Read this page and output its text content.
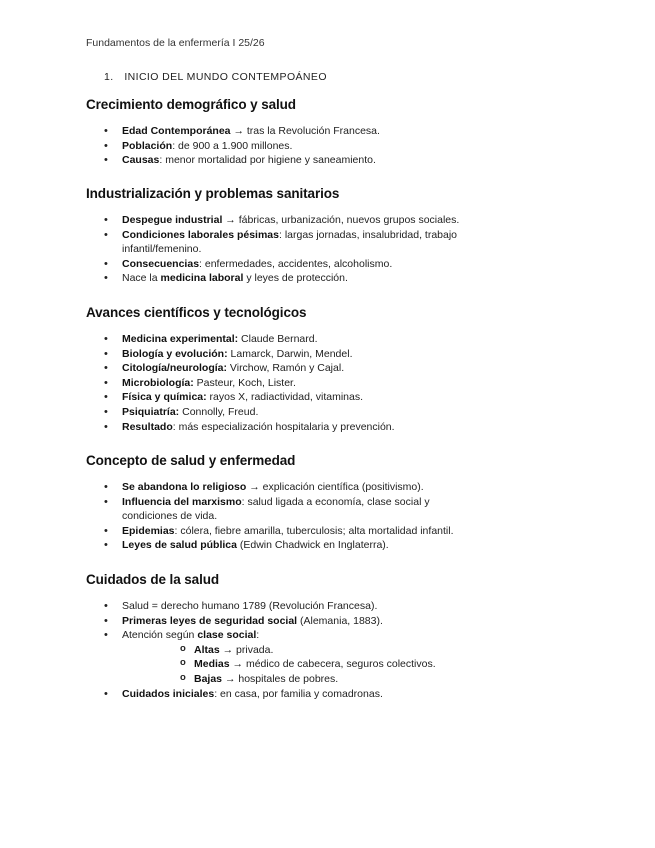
Fundamentos de la enfermería I 25/26
1. INICIO DEL MUNDO CONTEMPOÁNEO
Crecimiento demográfico y salud
• Edad Contemporánea → tras la Revolución Francesa.
• Población: de 900 a 1.900 millones.
• Causas: menor mortalidad por higiene y saneamiento.
Industrialización y problemas sanitarios
• Despegue industrial → fábricas, urbanización, nuevos grupos sociales.
• Condiciones laborales pésimas: largas jornadas, insalubridad, trabajo
infantil/femenino.
• Consecuencias: enfermedades, accidentes, alcoholismo.
• Nace la medicina laboral y leyes de protección.
Avances científicos y tecnológicos
• Medicina experimental: Claude Bernard.
• Biología y evolución: Lamarck, Darwin, Mendel.
• Citología/neurología: Virchow, Ramón y Cajal.
• Microbiología: Pasteur, Koch, Lister.
• Física y química: rayos X, radiactividad, vitaminas.
• Psiquiatría: Connolly, Freud.
• Resultado: más especialización hospitalaria y prevención.
Concepto de salud y enfermedad
• Se abandona lo religioso → explicación científica (positivismo).
• Influencia del marxismo: salud ligada a economía, clase social y
condiciones de vida.
• Epidemias: cólera, fiebre amarilla, tuberculosis; alta mortalidad infantil.
• Leyes de salud pública (Edwin Chadwick en Inglaterra).
Cuidados de la salud
• Salud = derecho humano 1789 (Revolución Francesa).
• Primeras leyes de seguridad social (Alemania, 1883).
• Atención según clase social:
o Altas → privada.
o Medias → médico de cabecera, seguros colectivos.
o Bajas → hospitales de pobres.
• Cuidados iniciales: en casa, por familia y comadronas.
